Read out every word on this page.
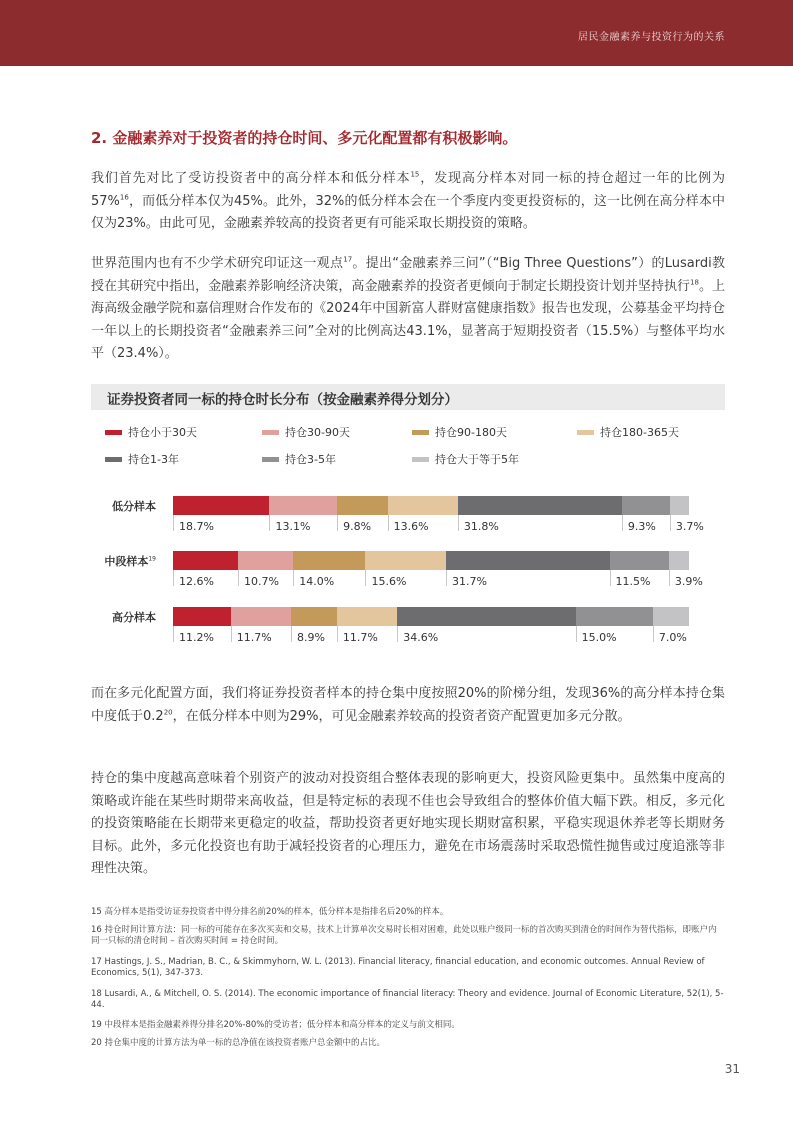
居民金融素养与投资行为的关系
2. 金融素养对于投资者的持仓时间、多元化配置都有积极影响。
我们首先对比了受访投资者中的高分样本和低分样本$^{15}$，发现高分样本对同一标的持仓超过一年的比例为57%$^{16}$，而低分样本仅为45%。此外，32%的低分样本会在一个季度内变更投资标的，这一比例在高分样本中仅为23%。由此可见，金融素养较高的投资者更有可能采取长期投资的策略。
世界范围内也有不少学术研究印证这一观点$^{17}$。提出“金融素养三问”（“Big Three Questions”）的Lusardi教授在其研究中指出，金融素养影响经济决策，高金融素养的投资者更倾向于制定长期投资计划并坚持执行$^{18}$。上海高级金融学院和嘉信理财合作发布的《2024年中国新富人群财富健康指数》报告也发现，公募基金平均持仓一年以上的长期投资者“金融素养三问”全对的比例高达43.1%，显著高于短期投资者（15.5%）与整体平均水平（23.4%）。
证券投资者同一标的持仓时长分布（按金融素养得分划分）
持仓小于30天	持仓30-90天	持仓90-180天	持仓180-365天
持仓1-3年	持仓3-5年	持仓大于等于5年
低分样本
18.7%	13.1%	9.8% 13.6%	31.8%	9.3% 3.7%
中段样本$^{19}$
12.6%	10.7% 14.0%	15.6%	31.7%	11.5% 3.9%
高分样本
11.2% 11.7% 8.9% 11.7% 34.6%	15.0%	7.0%
而在多元化配置方面，我们将证券投资者样本的持仓集中度按照20%的阶梯分组，发现36%的高分样本持仓集中度低于$0.2^{20}$，在低分样本中则为29%，可见金融素养较高的投资者资产配置更加多元分散。
持仓的集中度越高意味着个别资产的波动对投资组合整体表现的影响更大，投资风险更集中。虽然集中度高的策略或许能在某些时期带来高收益，但是特定标的表现不佳也会导致组合的整体价值大幅下跌。相反，多元化的投资策略能在长期带来更稳定的收益，帮助投资者更好地实现长期财富积累，平稳实现退休养老等长期财务目标。此外，多元化投资也有助于减轻投资者的心理压力，避免在市场震荡时采取恐慌性抛售或过度追涨等非理性决策。
15 高分样本是指受访证券投资者中得分排名前20%的样本，低分样本是指排名后20%的样本。
16 持仓时间计算方法：同一标的可能存在多次买卖和交易，技术上计算单次交易时长相对困难，此处以账户级同一标的首次购买到清仓的时间作为替代指标，即账户内同一只标的清仓时间 – 首次购买时间 = 持仓时间。
17 Hastings, J. S., Madrian, B. C., & Skimmyhorn, W. L. (2013). Financial literacy, financial education, and economic outcomes. Annual Review of Economics, 5(1), 347-373.
18 Lusardi, A., & Mitchell, O. S. (2014). The economic importance of financial literacy: Theory and evidence. Journal of Economic Literature, 52(1), 5-44.
19 中段样本是指金融素养得分排名20%-80%的受访者；低分样本和高分样本的定义与前文相同。
20 持仓集中度的计算方法为单一标的总净值在该投资者账户总金额中的占比。
31
